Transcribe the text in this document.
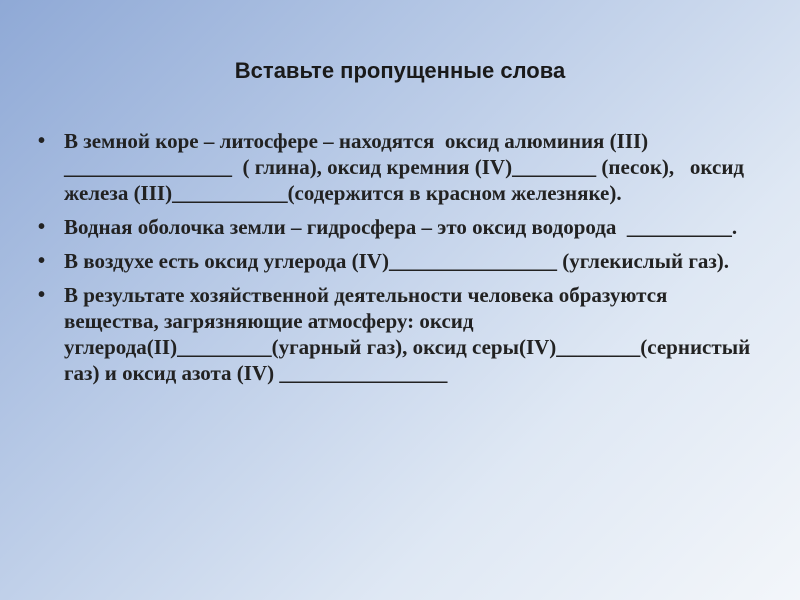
Вставьте пропущенные слова
• В земной коре – литосфере – находятся  оксид алюминия (III) ________________  ( глина), оксид кремния (IV)________ (песок),   оксид железа (III)___________(содержится в красном железняке).
• Водная оболочка земли – гидросфера – это оксид водорода  __________.
• В воздухе есть оксид углерода (IV)________________ (углекислый газ).
• В результате хозяйственной деятельности человека образуются вещества, загрязняющие атмосферу: оксид углерода(II)_________(угарный газ), оксид серы(IV)________(сернистый газ) и оксид азота (IV) ________________
